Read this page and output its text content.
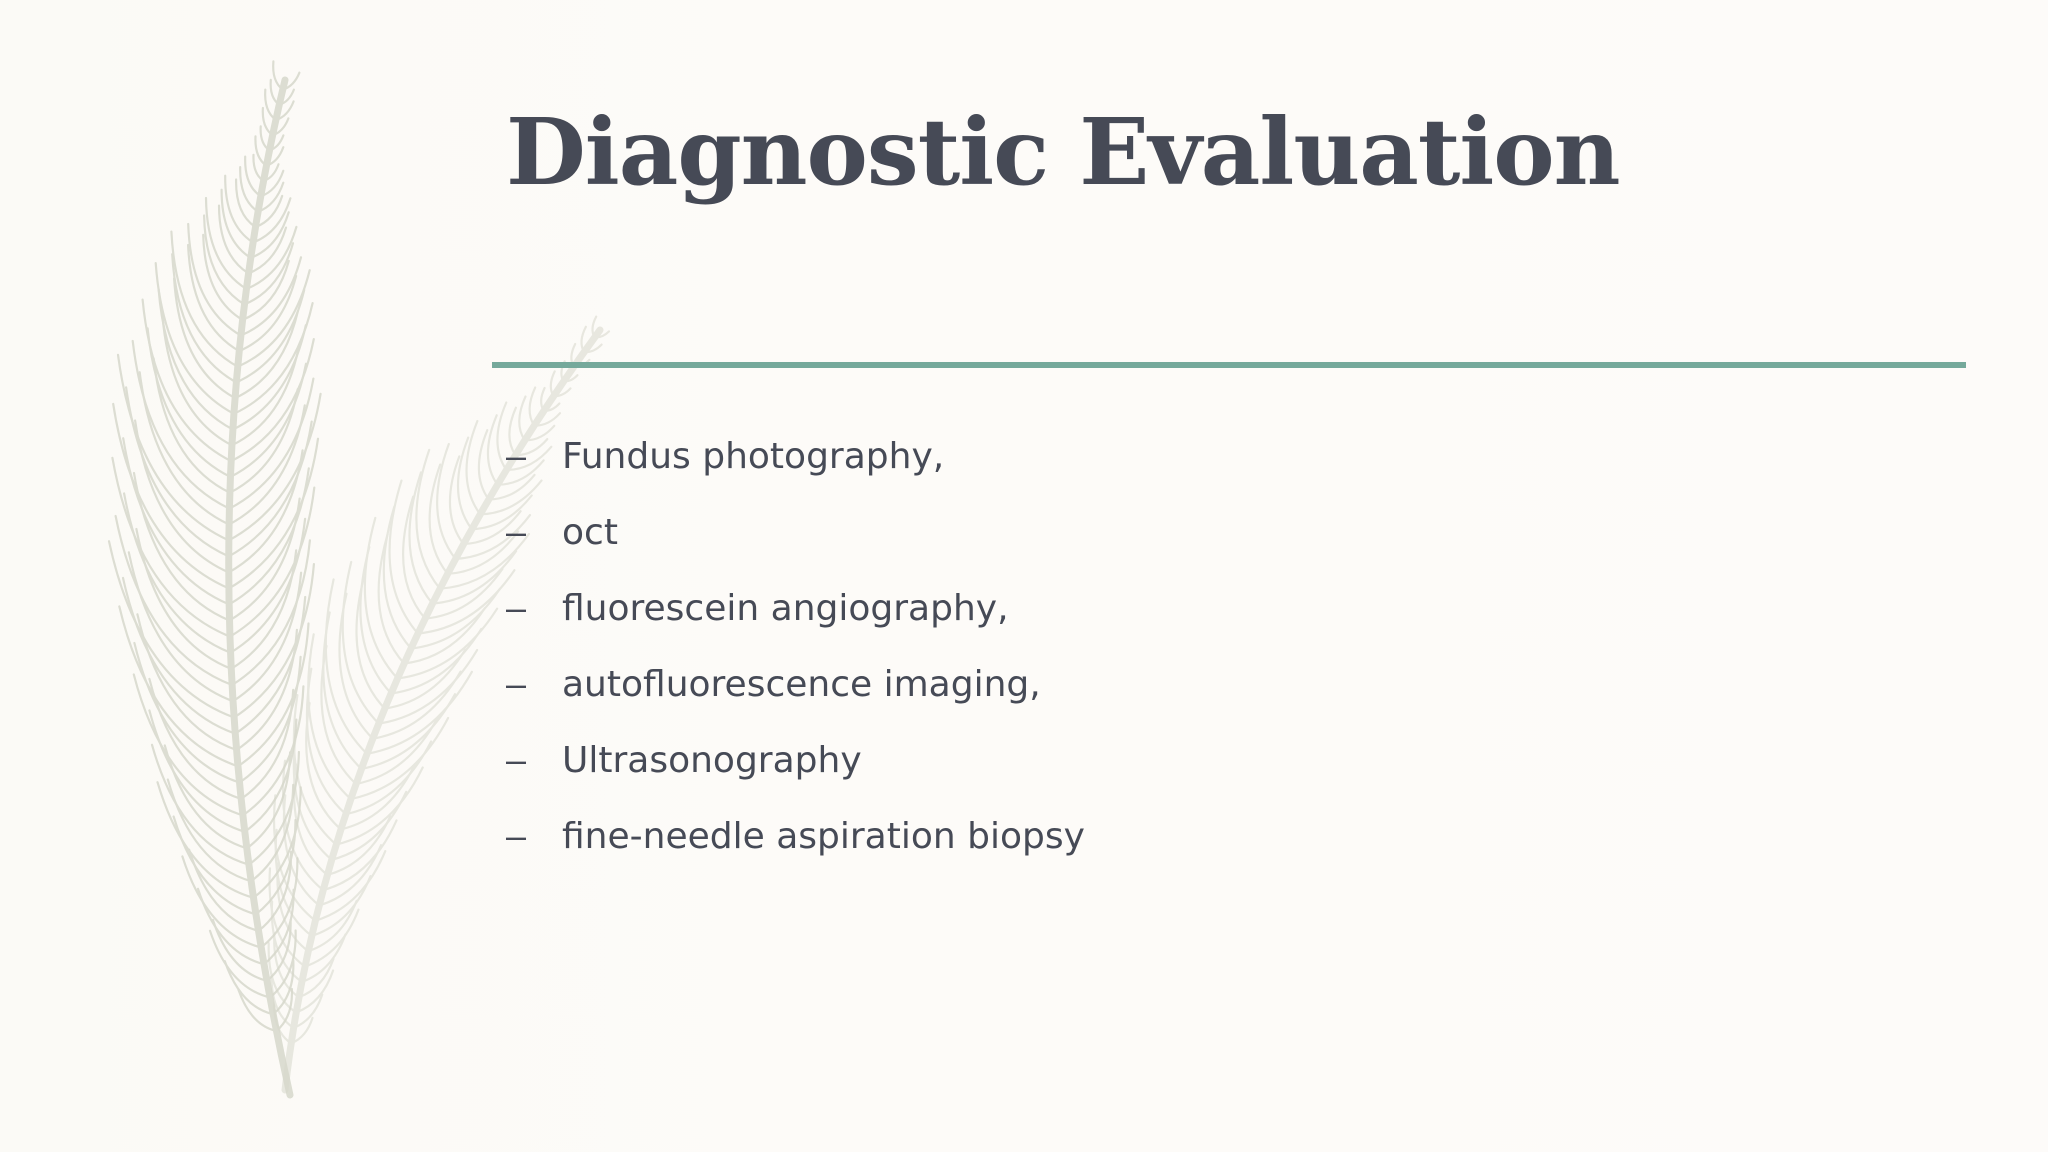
Diagnostic Evaluation
– Fundus photography,
– oct
– fluorescein angiography,
– autofluorescence imaging,
– Ultrasonography
– fine-needle aspiration biopsy
